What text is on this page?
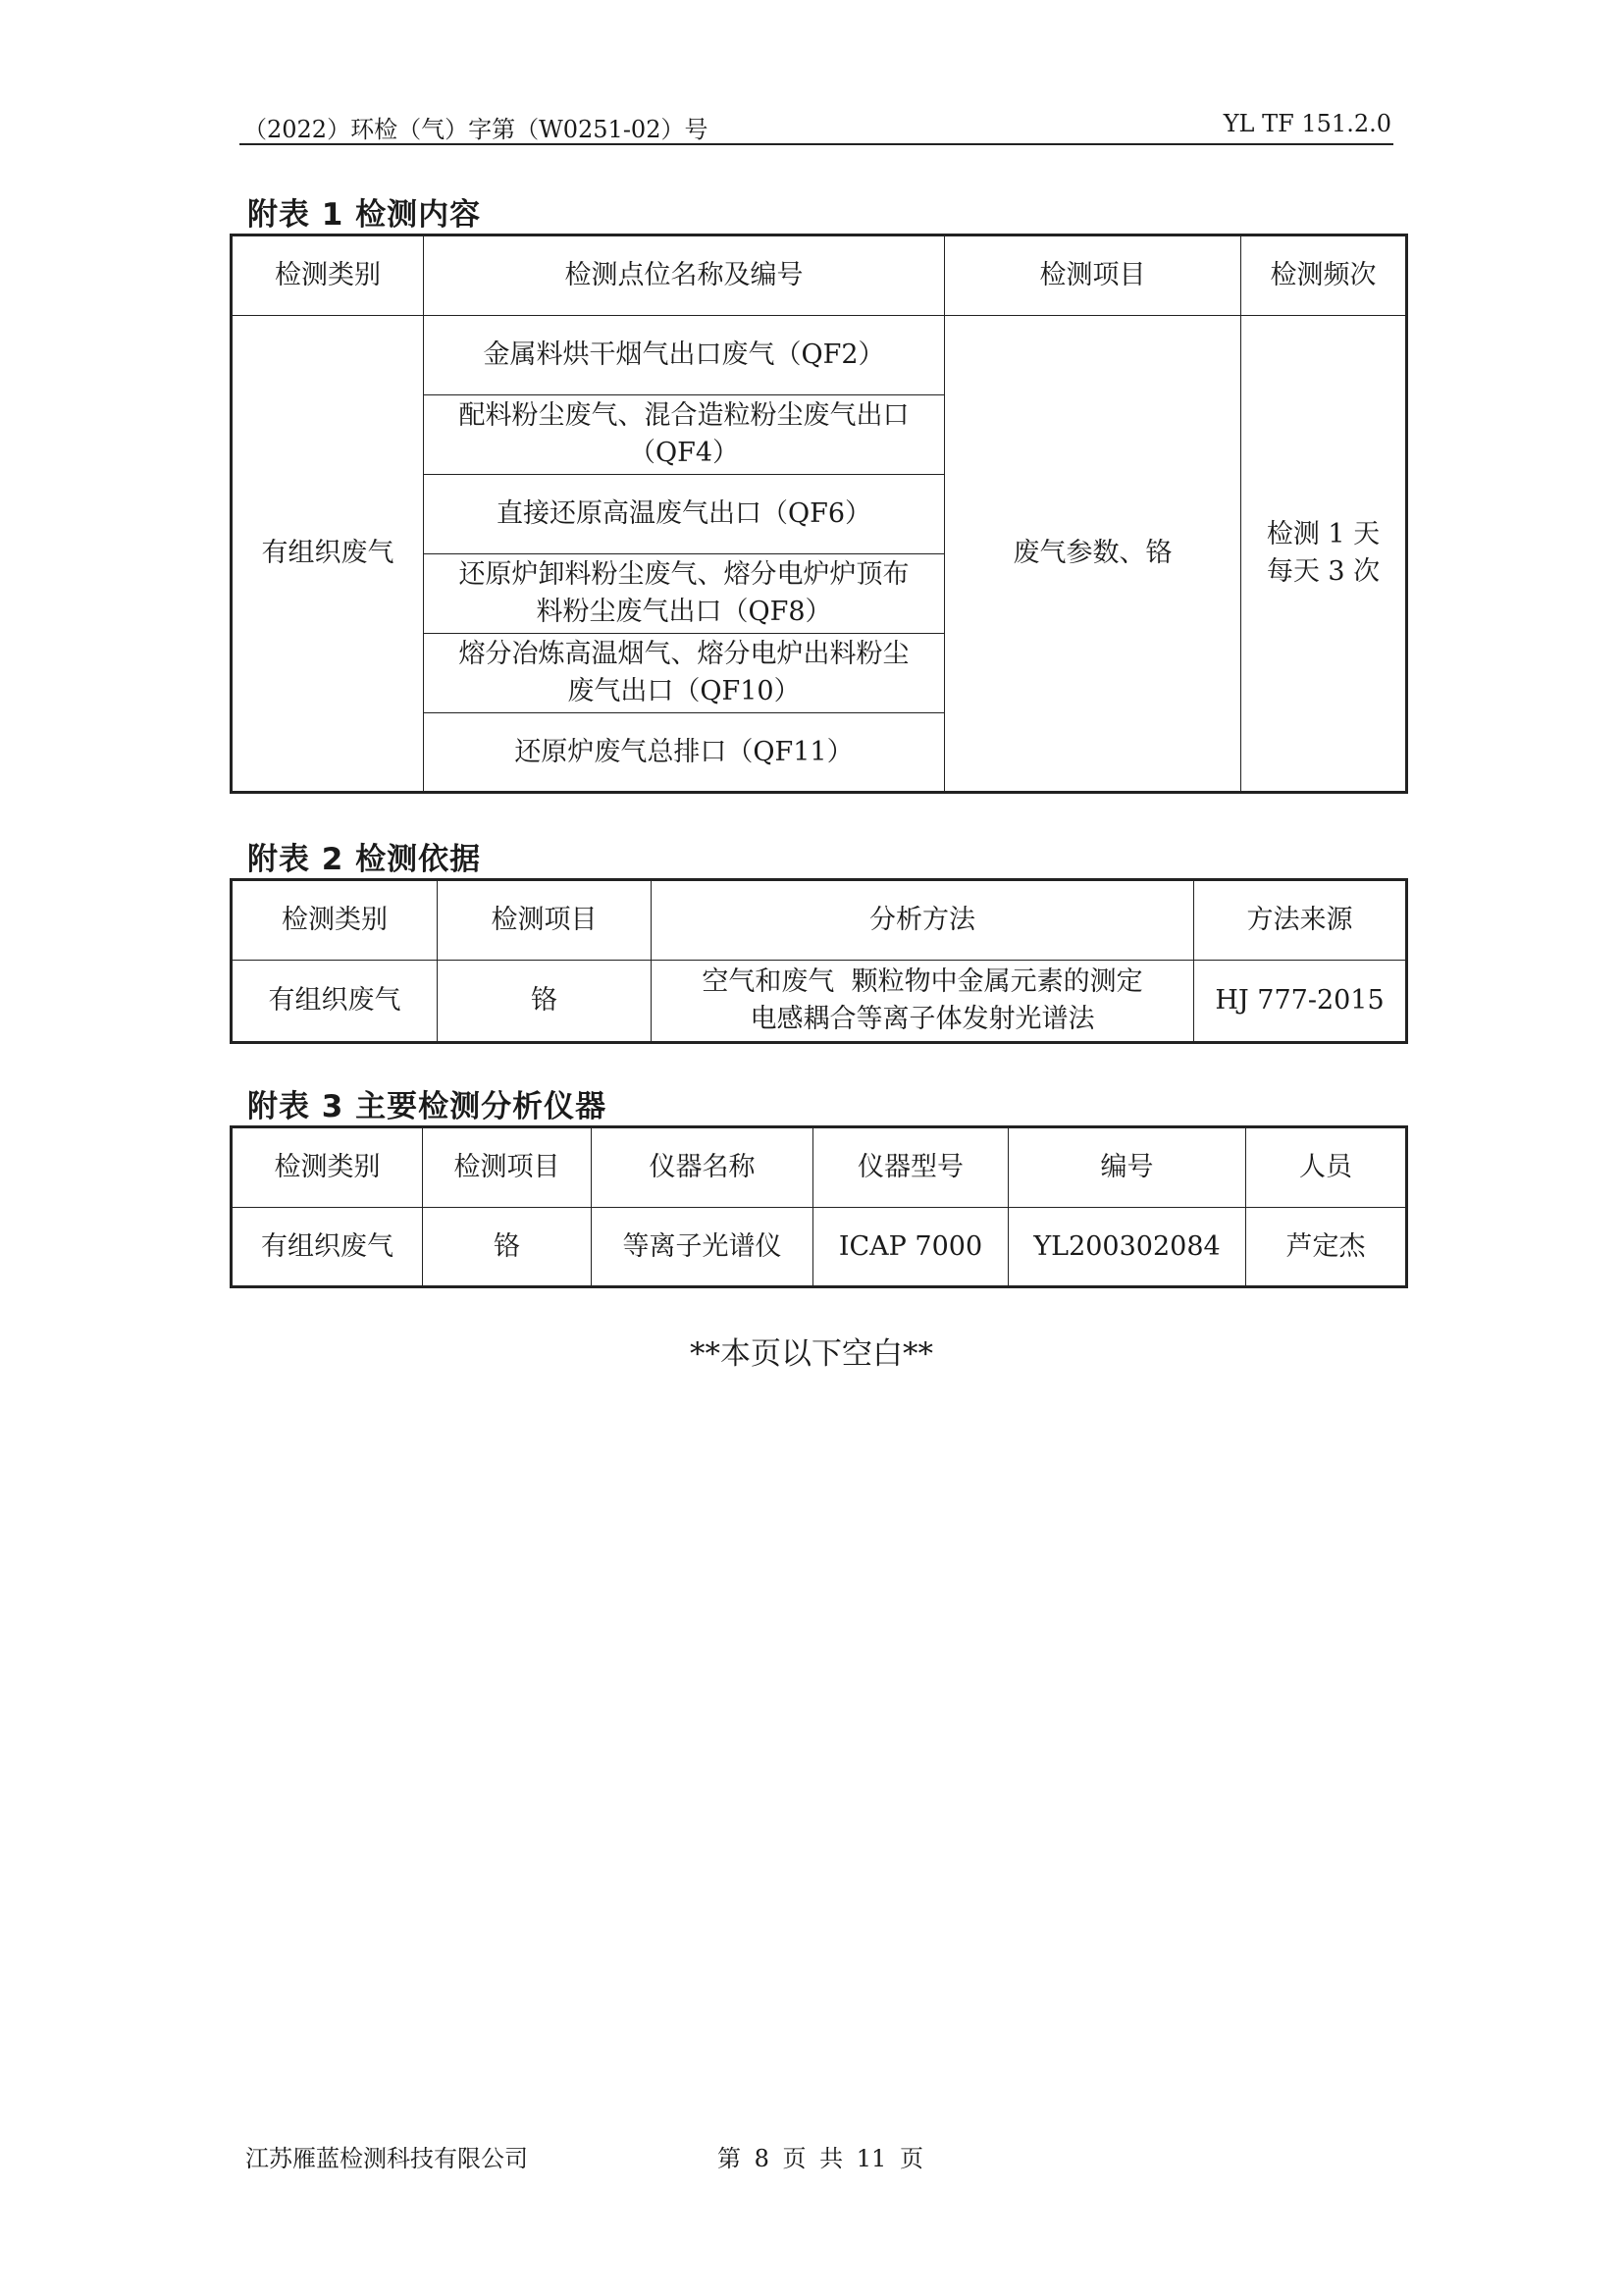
（2022）环检（气）字第（W0251-02）号	YL TF 151.2.0
附表 1 检测内容
检测类别	检测点位名称及编号	检测项目	检测频次
有组织废气	金属料烘干烟气出口废气（QF2）	废气参数、铬	检测 1 天
每天 3 次

	配料粉尘废气、混合造粒粉尘废气出口
（QF4）		

	直接还原高温废气出口（QF6）		

	还原炉卸料粉尘废气、熔分电炉炉顶布
料粉尘废气出口（QF8）		

	熔分冶炼高温烟气、熔分电炉出料粉尘
废气出口（QF10）		

	还原炉废气总排口（QF11）		
附表 2 检测依据
检测类别	检测项目	分析方法	方法来源
有组织废气	铬	空气和废气  颗粒物中金属元素的测定
电感耦合等离子体发射光谱法	HJ 777-2015
附表 3 主要检测分析仪器
检测类别	检测项目	仪器名称	仪器型号	编号	人员
有组织废气	铬	等离子光谱仪	ICAP 7000	YL200302084	芦定杰
**本页以下空白**
江苏雁蓝检测科技有限公司	第 8 页 共 11 页
